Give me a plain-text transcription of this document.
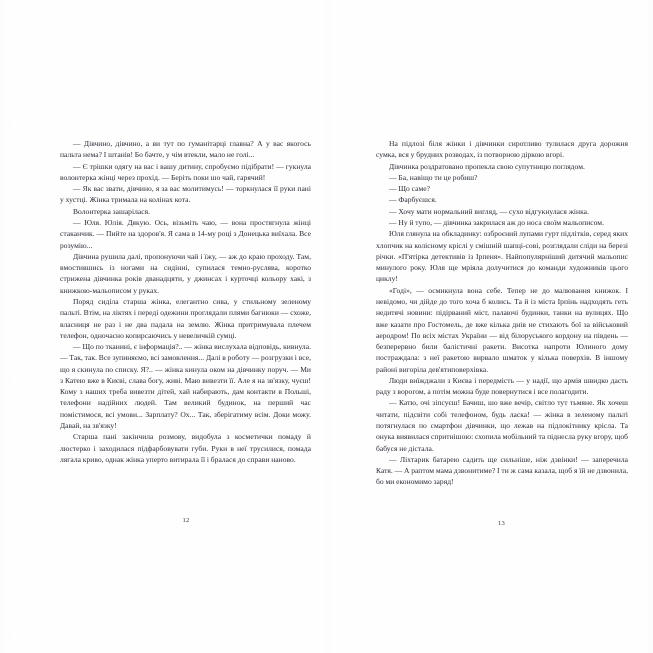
— Дівчино, дівчино, а ви тут по гуманітарці главна? А у вас якогось пальта нема? І штанів! Бо бачте, у чім втекли, мало не голі...

— Є трішки одягу на вас і вашу дитину, спробуємо підібрати! — гукнула волонтерка жінці через прохід. — Беріть поки шо чай, гарячий!

— Як вас звати, дівчино, я за вас молитимусь! — торкнулася її руки пані у хустці. Жінка тримала на колінах кота.

Волонтерка зашарілася.

— Юля. Юлія. Дякую. Ось, візьміть чаю, — вона простягнула жінці стаканчик. — Пийте на здоров'я. Я сама в 14-му році з Донецька виїхала. Все розумію...

Дівчина рушила далі, пропонуючи чай і їжу, — аж до краю проходу. Там, вмостившись із ногами на сидінні, супилася темно-руслява, коротко стрижена дівчинка років дванадцяти, у джинсах і курточці кольору хакі, з книжкою-мальописом у руках.

Поряд сиділа старша жінка, елегантно сива, у стильному зеленому пальті. Втім, на ліктях і переді одежини проглядали плями багнюки — схоже, власниця не раз і не два падала на землю. Жінка притримувала плечем телефон, одночасно копирсаючись у невеличкій сумці.

— Що по тканині, є інформація?.. — жінка вислухала відповідь, кивнула. — Так, так. Все зупиняємо, всі замовлення... Далі в роботу — розгрузки і все, що я скинула по списку. Я?.. — жінка кинула оком на дівчинку поруч. — Ми з Катею вже в Києві, слава богу, живі. Маю вивезти її. Але я на зв'язку, чуєш! Кому з наших треба вивезти дітей, хай набирають, дам контакти в Польші, телефони надійних людей. Там великий будинок, на перший час помістимося, всі умови... Зарплату? Ох... Так, зберігатиму всім. Доки можу. Давай, на зв'язку!

Старша пані закінчила розмову, видобула з косметички помаду й люстерко і заходилася підфарбовувати губи. Руки в неї трусилися, помада лягала криво, однак жінка уперто витирала її і бралася до справи наново.

12

На підлозі біля жінки і дівчинки сиротливо тулилася друга дорожня сумка, вся у брудних розводах, із потворною діркою вгорі.

Дівчинка роздратовано пропекла свою супутницю поглядом.

— Ба, навіщо ти це робиш?

— Що саме?

— Фарбуєшся.

— Хочу мати нормальний вигляд, — сухо відгукнулася жінка.

— Ну й тупо, — дівчинка закрилася аж до носа своїм мальописом.

Юля глянула на обкладинку: озброєний лупами гурт підлітків, серед яких хлопчик на колісному кріслі у смішній шапці-сові, розглядали сліди на березі річки. «П'ятірка детективів із Ірпеня». Найпопулярніший дитячий мальопис минулого року. Юля ще мріяла долучитися до команди художників цього циклу!

«Годі», — осмикнула вона себе. Тепер не до малювання книжок. І невідомо, чи дійде до того хоча б колись. Та й із міста Ірпінь надходять геть недитячі новини: підірваний міст, палаючі будинки, танки на вулицях. Що вже казати про Гостомель, де вже кілька днів не стихають бої за військовий аеродром! По всіх містах України — від білоруського кордону на південь — безперервно били балістичні ракети. Висотка напроти Юлиного дому постраждала: з неї ракетою вирвало шматок у кілька поверхів. В іншому районі вигоріла дев'ятиповерхівка.

Люди виїжджали з Києва і передмість — у надії, що армія швидко дасть раду з ворогом, а потім можна буде повернутися і все полагодити.

— Катю, очі зіпсуєш! Бачиш, шо вже вечір, світло тут тьмяне. Як хочеш читати, підсвіти собі телефоном, будь ласка! — жінка в зеленому пальті потягнулася по смартфон дівчинки, що лежав на підлокітнику крісла. Та онука виявилася спритнішою: схопила мобільний та піднесла руку вгору, щоб бабуся не дістала.

— Ліхтарик батарею садить ще сильніше, ніж дзвінки! — заперечила Катя. — А раптом мама дзвонитиме? І ти ж сама казала, щоб я їй не дзвонила, бо ми економимо заряд!

13
